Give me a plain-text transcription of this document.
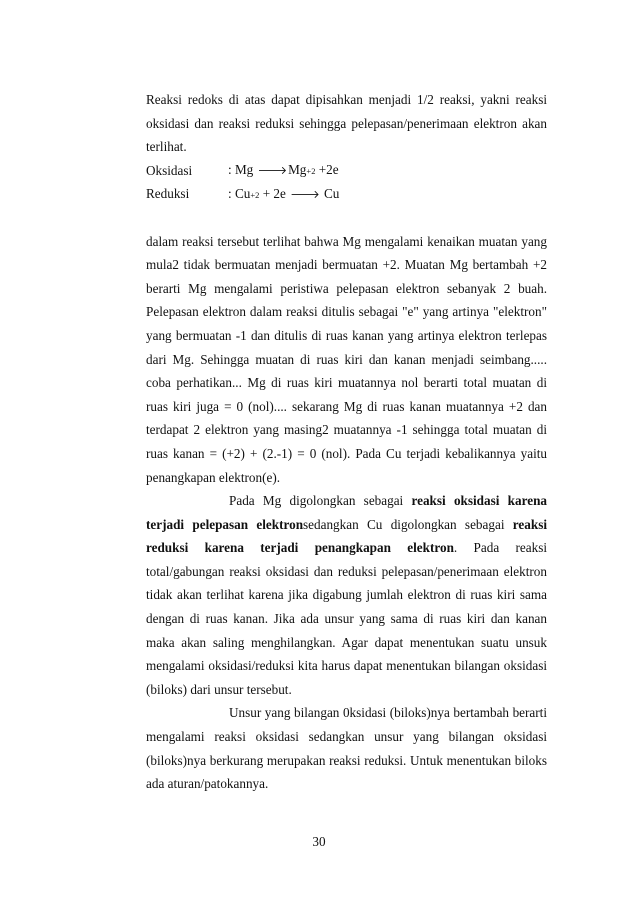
Reaksi redoks di atas dapat dipisahkan menjadi 1/2 reaksi, yakni reaksi oksidasi dan reaksi reduksi sehingga pelepasan/penerimaan elektron akan terlihat.

Oksidasi	: Mg 🡒 Mg +2 +2e
Reduksi	: Cu +2 + 2e 🡒 Cu

dalam reaksi tersebut terlihat bahwa Mg mengalami kenaikan muatan yang mula2 tidak bermuatan menjadi bermuatan +2. Muatan Mg bertambah +2 berarti Mg mengalami peristiwa pelepasan elektron sebanyak 2 buah. Pelepasan elektron dalam reaksi ditulis sebagai "e" yang artinya "elektron" yang bermuatan -1 dan ditulis di ruas kanan yang artinya elektron terlepas dari Mg. Sehingga muatan di ruas kiri dan kanan menjadi seimbang..... coba perhatikan... Mg di ruas kiri muatannya nol berarti total muatan di ruas kiri juga = 0 (nol).... sekarang Mg di ruas kanan muatannya +2 dan terdapat 2 elektron yang masing2 muatannya -1 sehingga total muatan di ruas kanan = (+2) + (2.-1) = 0 (nol). Pada Cu terjadi kebalikannya yaitu penangkapan elektron(e).

Pada Mg digolongkan sebagai reaksi oksidasi karena terjadi pelepasan elektronsedangkan Cu digolongkan sebagai reaksi reduksi karena terjadi penangkapan elektron. Pada reaksi total/gabungan reaksi oksidasi dan reduksi pelepasan/penerimaan elektron tidak akan terlihat karena jika digabung jumlah elektron di ruas kiri sama dengan di ruas kanan. Jika ada unsur yang sama di ruas kiri dan kanan maka akan saling menghilangkan. Agar dapat menentukan suatu unsuk mengalami oksidasi/reduksi kita harus dapat menentukan bilangan oksidasi (biloks) dari unsur tersebut.

Unsur yang bilangan 0ksidasi (biloks)nya bertambah berarti mengalami reaksi oksidasi sedangkan unsur yang bilangan oksidasi (biloks)nya berkurang merupakan reaksi reduksi. Untuk menentukan biloks ada aturan/patokannya.

30
